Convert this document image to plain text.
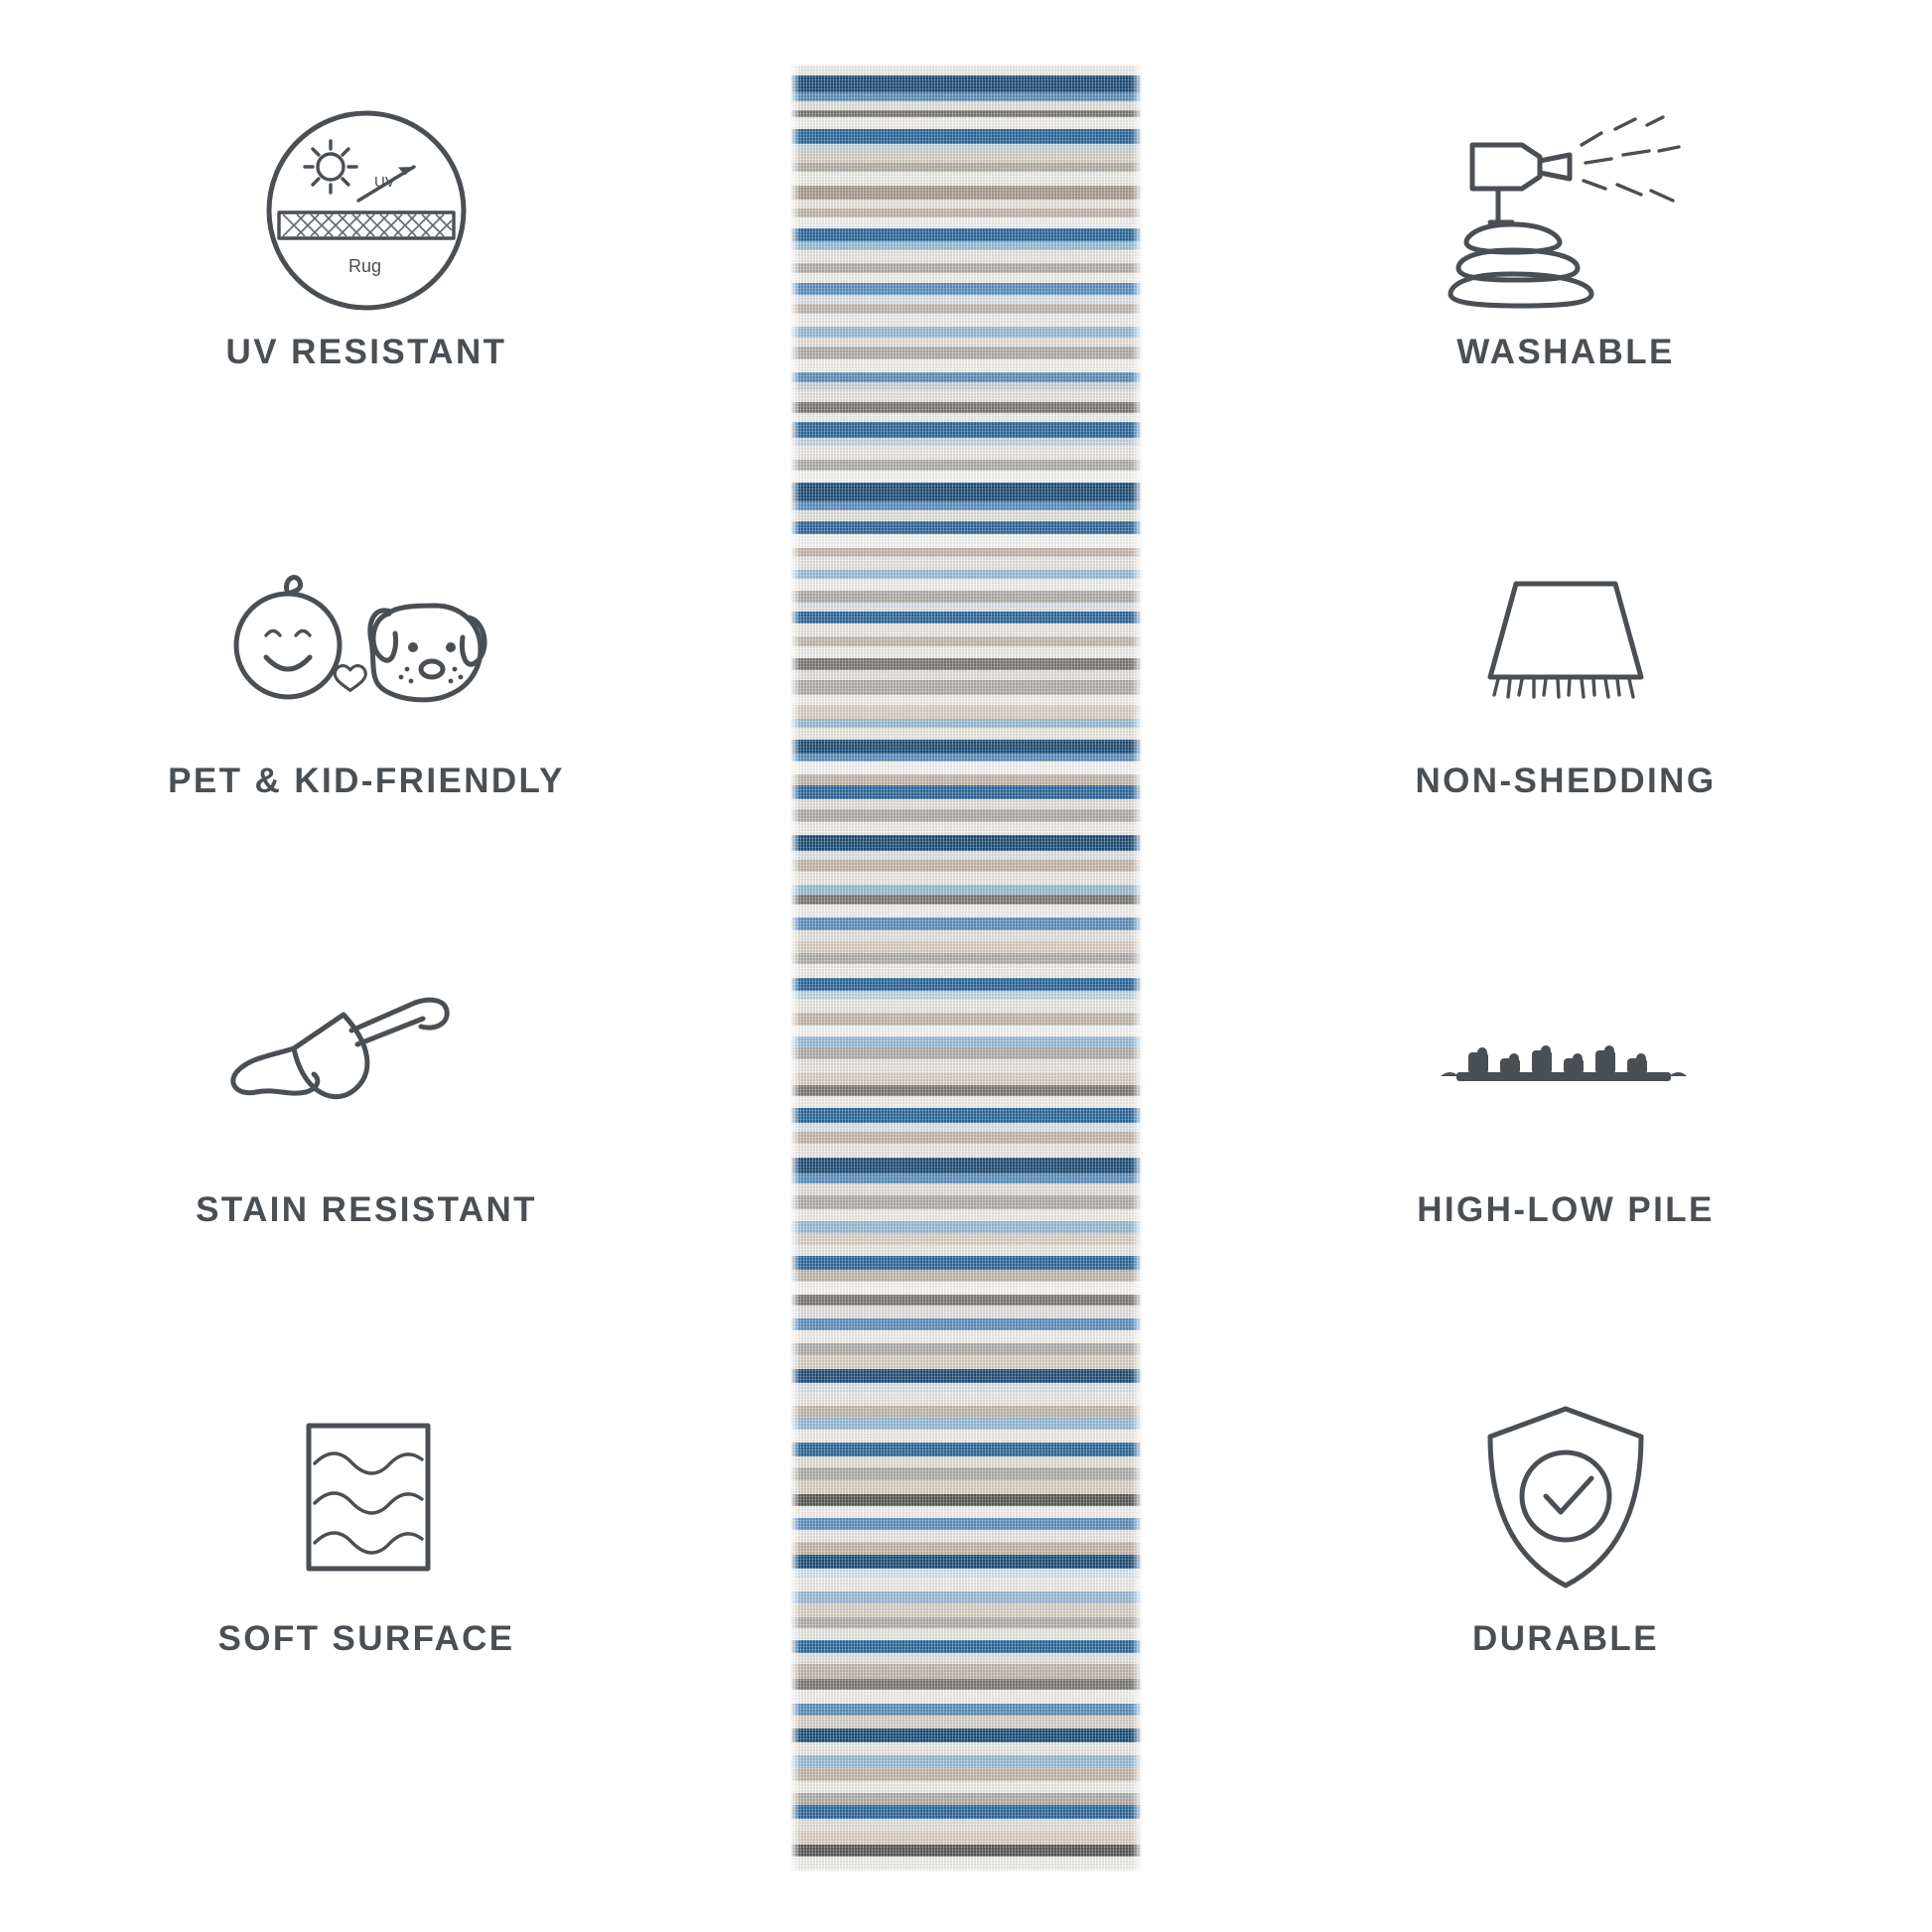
UV
Rug
UV RESISTANT
PET & KID-FRIENDLY
STAIN RESISTANT
SOFT SURFACE
WASHABLE
NON-SHEDDING
HIGH-LOW PILE
DURABLE
